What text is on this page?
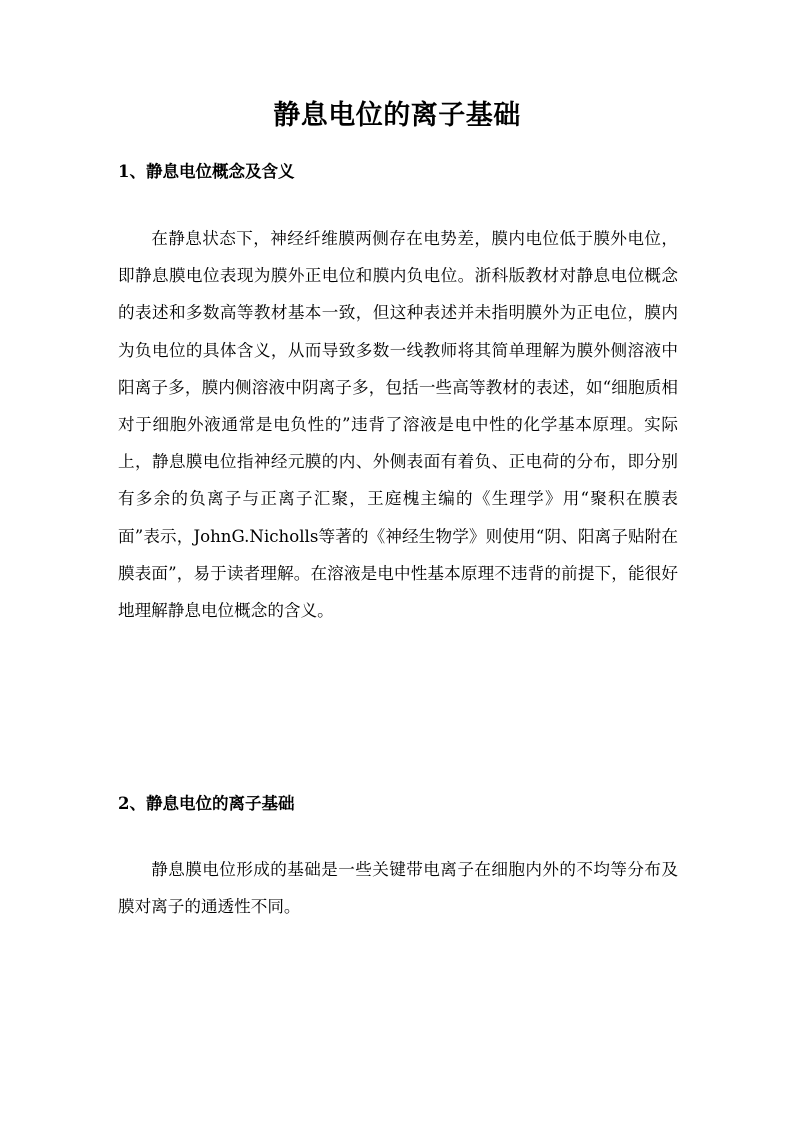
静息电位的离子基础
1、静息电位概念及含义

在静息状态下，神经纤维膜两侧存在电势差，膜内电位低于膜外电位，即静息膜电位表现为膜外正电位和膜内负电位。浙科版教材对静息电位概念的表述和多数高等教材基本一致，但这种表述并未指明膜外为正电位，膜内为负电位的具体含义，从而导致多数一线教师将其简单理解为膜外侧溶液中阳离子多，膜内侧溶液中阴离子多，包括一些高等教材的表述，如“细胞质相对于细胞外液通常是电负性的”违背了溶液是电中性的化学基本原理。实际上，静息膜电位指神经元膜的内、外侧表面有着负、正电荷的分布，即分别有多余的负离子与正离子汇聚，王庭槐主编的《生理学》用“聚积在膜表面”表示，JohnG.Nicholls等著的《神经生物学》则使用“阴、阳离子贴附在膜表面”，易于读者理解。在溶液是电中性基本原理不违背的前提下，能很好地理解静息电位概念的含义。

2、静息电位的离子基础

静息膜电位形成的基础是一些关键带电离子在细胞内外的不均等分布及膜对离子的通透性不同。
